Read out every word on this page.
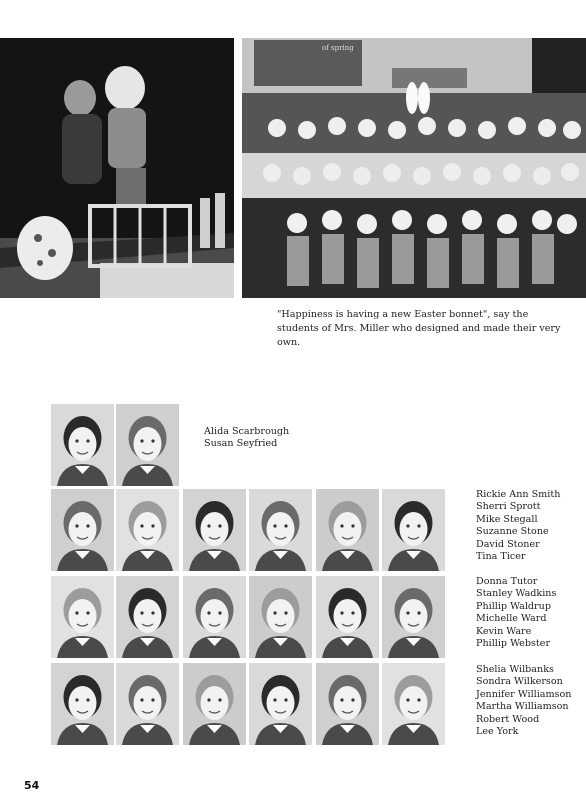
of spring
"Happiness is having a new Easter bonnet", say the students of Mrs. Miller who designed and made their very own.
Alida Scarbrough
Susan Seyfried
Rickie Ann Smith
Sherri Sprott
Mike Stegall
Suzanne Stone
David Stoner
Tina Ticer
Donna Tutor
Stanley Wadkins
Phillip Waldrup
Michelle Ward
Kevin Ware
Phillip Webster
Shelia Wilbanks
Sondra Wilkerson
Jennifer Williamson
Martha Williamson
Robert Wood
Lee York
54
